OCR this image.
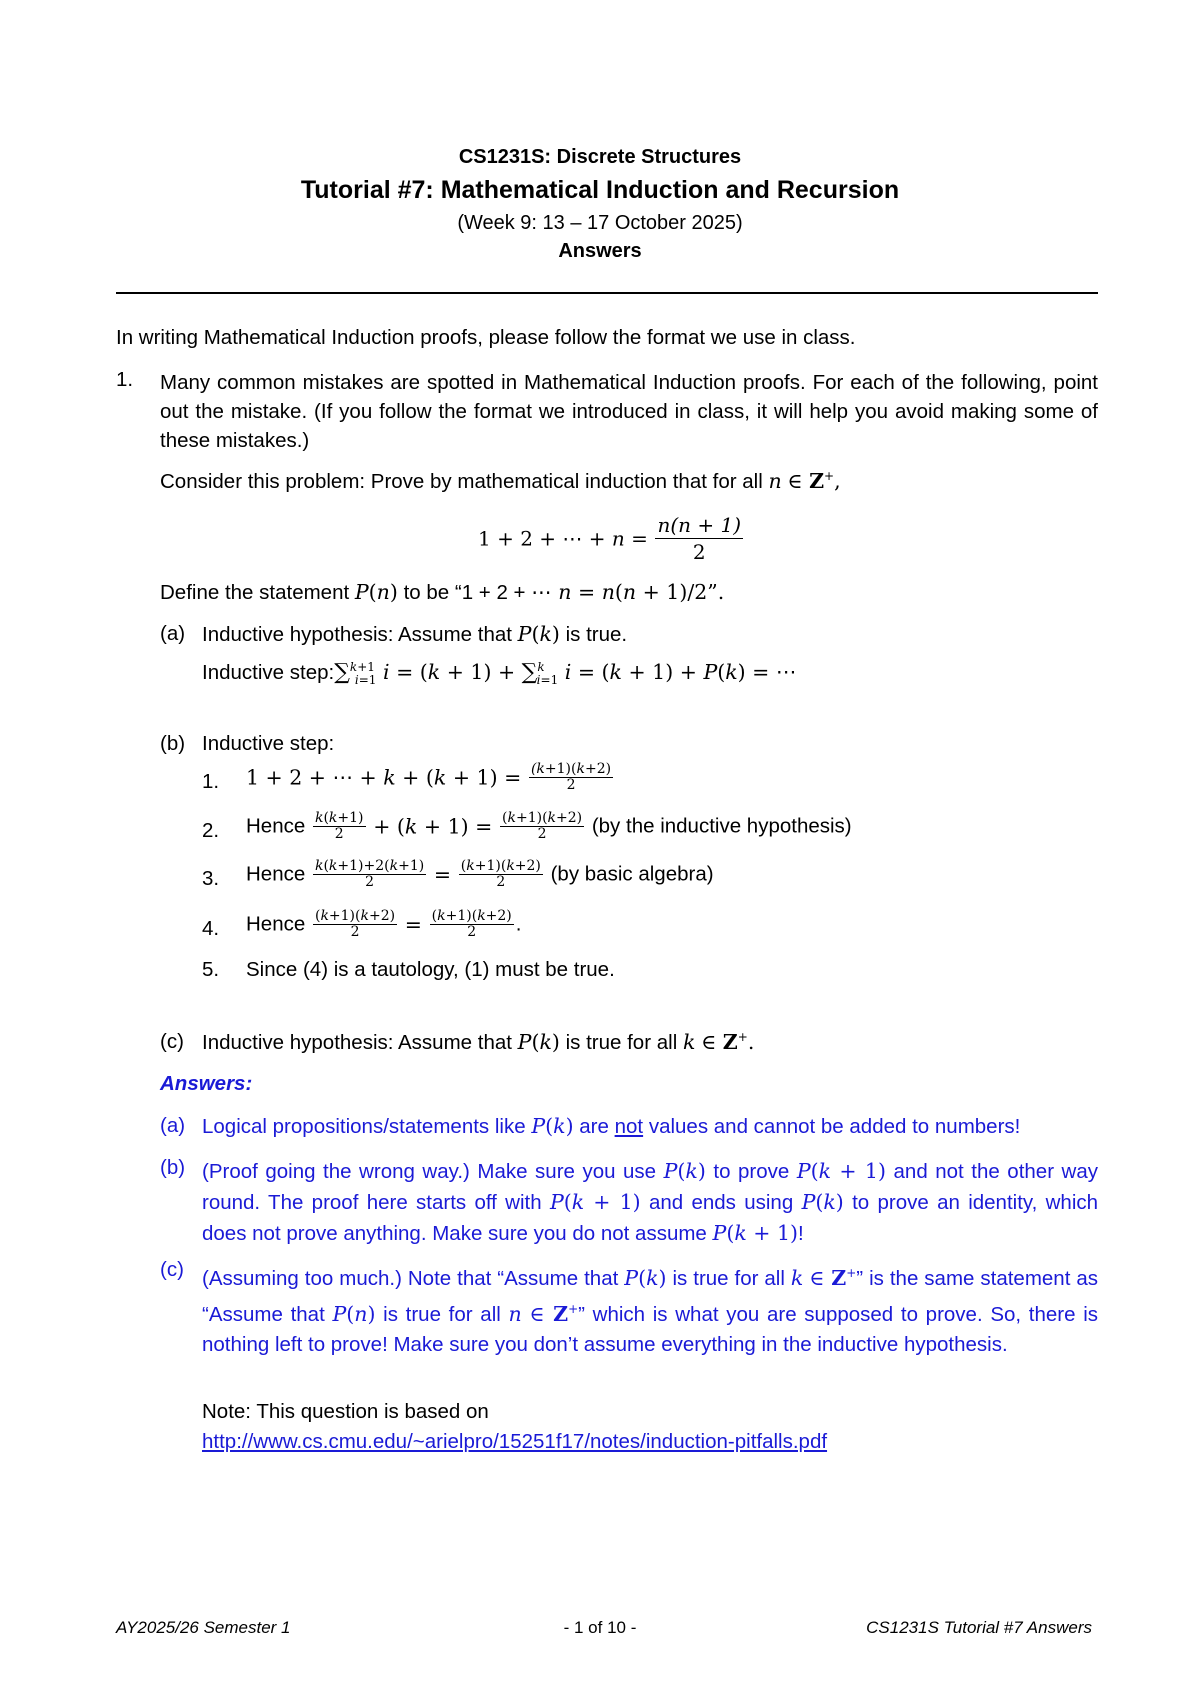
CS1231S: Discrete Structures
Tutorial #7: Mathematical Induction and Recursion
(Week 9: 13 – 17 October 2025)
Answers
In writing Mathematical Induction proofs, please follow the format we use in class.
1. Many common mistakes are spotted in Mathematical Induction proofs. For each of the following, point out the mistake. (If you follow the format we introduced in class, it will help you avoid making some of these mistakes.)
Consider this problem: Prove by mathematical induction that for all n ∈ Z+,
1 + 2 + ⋯ + $n = \frac{n(n + 1)}{2}$
Define the statement P(n) to be “1 + 2 + ⋯ n = n(n + 1)/2”.
(a) Inductive hypothesis: Assume that P(k) is true.
Inductive step:∑$^{k+1}_{i=1}$ i = (k + 1) + ∑$^k_{i=1}$ i = (k + 1) + P(k) = ⋯
(b) Inductive step:
1. 1 + 2 + ⋯ + $k + (k + 1) = \frac{(k+1)(k+2)}{2}$
2. Hence $\frac{k(k+1)}{2} + (k + 1) = \frac{(k+1)(k+2)}{2} (by$ the inductive hypothesis)
3. Hence $\frac{k(k+1)+2(k+1)}{2} = \frac{(k+1)(k+2)}{2} (by$ basic algebra)
4. Hence $\frac{(k+1)(k+2)}{2} = \frac{(k+1)(k+2)}{2}$ .
5. Since (4) is a tautology, (1) must be true.
(c) Inductive hypothesis: Assume that P(k) is true for all k ∈ Z+.
Answers:
(a) Logical propositions/statements like P(k) are not values and cannot be added to numbers!
(b) (Proof going the wrong way.) Make sure you use P(k) to prove P(k + 1) and not the other way round. The proof here starts off with P(k + 1) and ends using P(k) to prove an identity, which does not prove anything. Make sure you do not assume P(k + 1)!
(c) (Assuming too much.) Note that “Assume that P(k) is true for all k ∈ Z+” is the same statement as “Assume that P(n) is true for all n ∈ Z+” which is what you are supposed to prove. So, there is nothing left to prove! Make sure you don’t assume everything in the inductive hypothesis.
Note: This question is based on
http://www.cs.cmu.edu/~arielpro/15251f17/notes/induction-pitfalls.pdf
AY2025/26 Semester 1	- 1 of 10 -	CS1231S Tutorial #7 Answers
